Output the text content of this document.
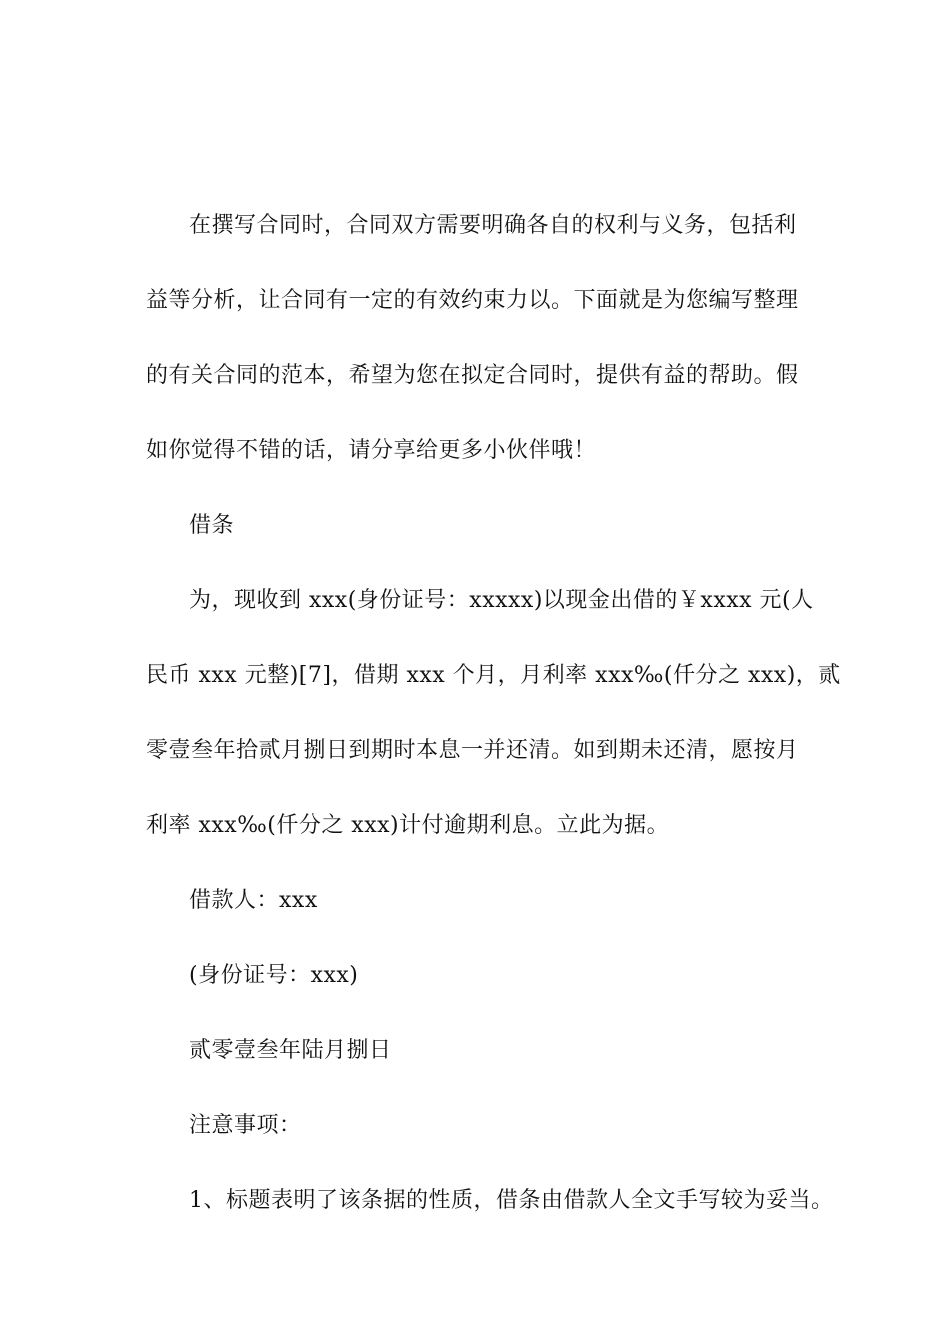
在撰写合同时，合同双方需要明确各自的权利与义务，包括利
益等分析，让合同有一定的有效约束力以。下面就是为您编写整理
的有关合同的范本，希望为您在拟定合同时，提供有益的帮助。假
如你觉得不错的话，请分享给更多小伙伴哦！
借条
为，现收到 xxx(身份证号：xxxxx)以现金出借的￥xxxx 元(人
民币 xxx 元整)[7]，借期 xxx 个月，月利率 xxx‰(仟分之 xxx)，贰
零壹叁年拾贰月捌日到期时本息一并还清。如到期未还清，愿按月
利率 xxx‰(仟分之 xxx)计付逾期利息。立此为据。
借款人：xxx
(身份证号：xxx)
贰零壹叁年陆月捌日
注意事项：
1、标题表明了该条据的性质，借条由借款人全文手写较为妥当。
